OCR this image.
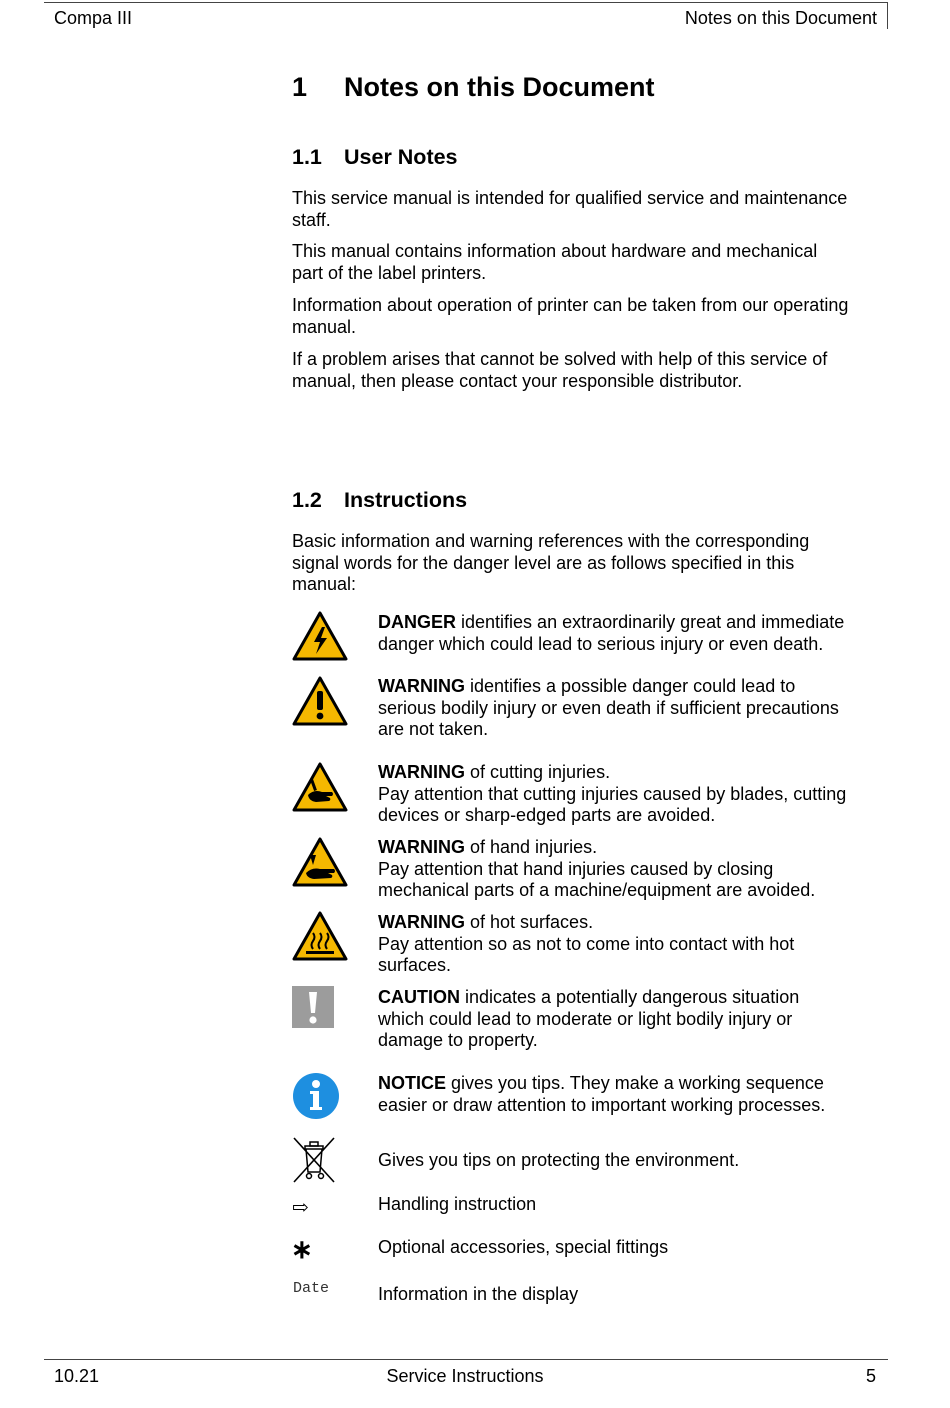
Compa III	Notes on this Document
1 Notes on this Document
1.1 User Notes
This service manual is intended for qualified service and maintenance
staff.
This manual contains information about hardware and mechanical
part of the label printers.
Information about operation of printer can be taken from our operating
manual.
If a problem arises that cannot be solved with help of this service of
manual, then please contact your responsible distributor.
1.2 Instructions
Basic information and warning references with the corresponding
signal words for the danger level are as follows specified in this
manual:
DANGER identifies an extraordinarily great and immediate
danger which could lead to serious injury or even death.
WARNING identifies a possible danger could lead to
serious bodily injury or even death if sufficient precautions
are not taken.
WARNING of cutting injuries.
Pay attention that cutting injuries caused by blades, cutting
devices or sharp-edged parts are avoided.
WARNING of hand injuries.
Pay attention that hand injuries caused by closing
mechanical parts of a machine/equipment are avoided.
WARNING of hot surfaces.
Pay attention so as not to come into contact with hot
surfaces.
CAUTION indicates a potentially dangerous situation
which could lead to moderate or light bodily injury or
damage to property.
NOTICE gives you tips. They make a working sequence
easier or draw attention to important working processes.
Gives you tips on protecting the environment.
⇨	Handling instruction
∗	Optional accessories, special fittings
Date	Information in the display
10.21	Service Instructions	5
